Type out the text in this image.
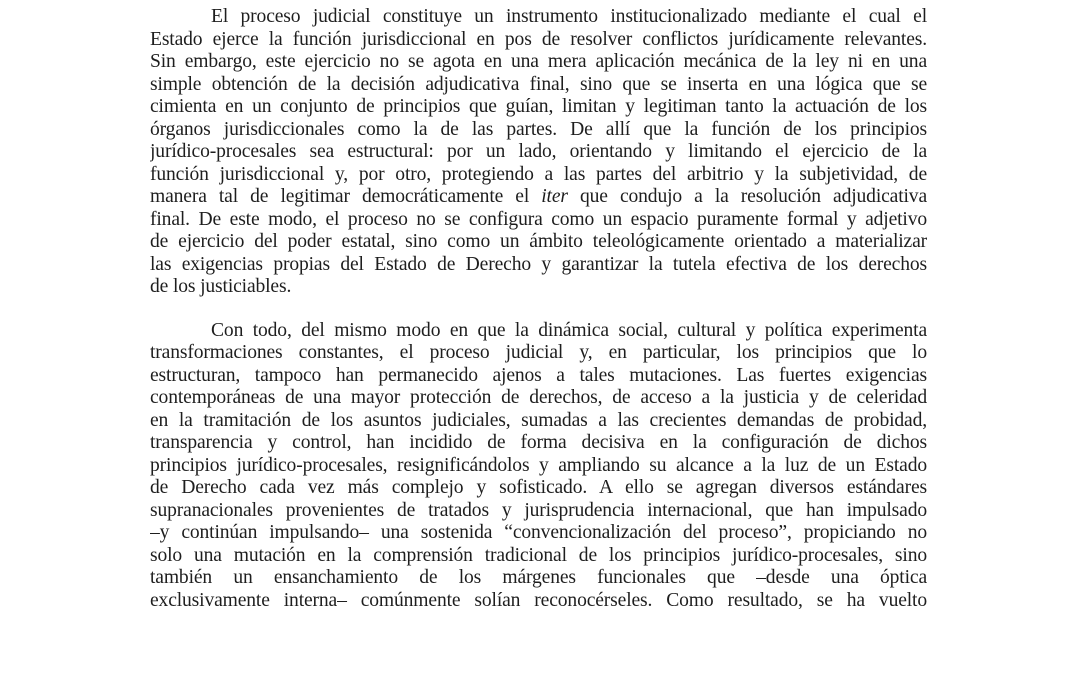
El proceso judicial constituye un instrumento institucionalizado mediante el cual el
Estado ejerce la función jurisdiccional en pos de resolver conflictos jurídicamente relevantes.
Sin embargo, este ejercicio no se agota en una mera aplicación mecánica de la ley ni en una
simple obtención de la decisión adjudicativa final, sino que se inserta en una lógica que se
cimienta en un conjunto de principios que guían, limitan y legitiman tanto la actuación de los
órganos jurisdiccionales como la de las partes. De allí que la función de los principios
jurídico-procesales sea estructural: por un lado, orientando y limitando el ejercicio de la
función jurisdiccional y, por otro, protegiendo a las partes del arbitrio y la subjetividad, de
manera tal de legitimar democráticamente el iter que condujo a la resolución adjudicativa
final. De este modo, el proceso no se configura como un espacio puramente formal y adjetivo
de ejercicio del poder estatal, sino como un ámbito teleológicamente orientado a materializar
las exigencias propias del Estado de Derecho y garantizar la tutela efectiva de los derechos
de los justiciables.

Con todo, del mismo modo en que la dinámica social, cultural y política experimenta
transformaciones constantes, el proceso judicial y, en particular, los principios que lo
estructuran, tampoco han permanecido ajenos a tales mutaciones. Las fuertes exigencias
contemporáneas de una mayor protección de derechos, de acceso a la justicia y de celeridad
en la tramitación de los asuntos judiciales, sumadas a las crecientes demandas de probidad,
transparencia y control, han incidido de forma decisiva en la configuración de dichos
principios jurídico-procesales, resignificándolos y ampliando su alcance a la luz de un Estado
de Derecho cada vez más complejo y sofisticado. A ello se agregan diversos estándares
supranacionales provenientes de tratados y jurisprudencia internacional, que han impulsado
–y continúan impulsando– una sostenida “convencionalización del proceso”, propiciando no
solo una mutación en la comprensión tradicional de los principios jurídico-procesales, sino
también un ensanchamiento de los márgenes funcionales que –desde una óptica
exclusivamente interna– comúnmente solían reconocérseles. Como resultado, se ha vuelto
